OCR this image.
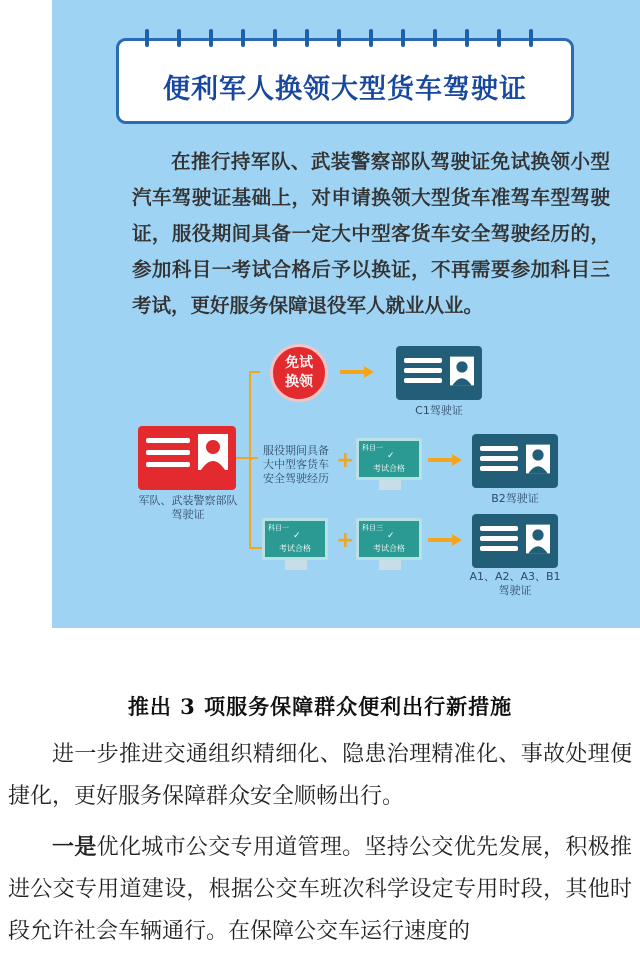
便利军人换领大型货车驾驶证
在推行持军队、武装警察部队驾驶证免试换领小型汽车驾驶证基础上，对申请换领大型货车准驾车型驾驶证，服役期间具备一定大中型客货车安全驾驶经历的，参加科目一考试合格后予以换证，不再需要参加科目三考试，更好服务保障退役军人就业从业。
军队、武装警察部队
驾驶证
免试
换领
C1驾驶证
服役期间具备
大中型客货车
安全驾驶经历
+ 科目一
✓
考试合格
B2驾驶证
科目一
✓
考试合格	+ 科目三
✓
考试合格
A1、A2、A3、B1
驾驶证
推出 3 项服务保障群众便利出行新措施
进一步推进交通组织精细化、隐患治理精准化、事故处理便捷化，更好服务保障群众安全顺畅出行。
一是优化城市公交专用道管理。坚持公交优先发展，积极推进公交专用道建设，根据公交车班次科学设定专用时段，其他时段允许社会车辆通行。在保障公交车运行速度的
